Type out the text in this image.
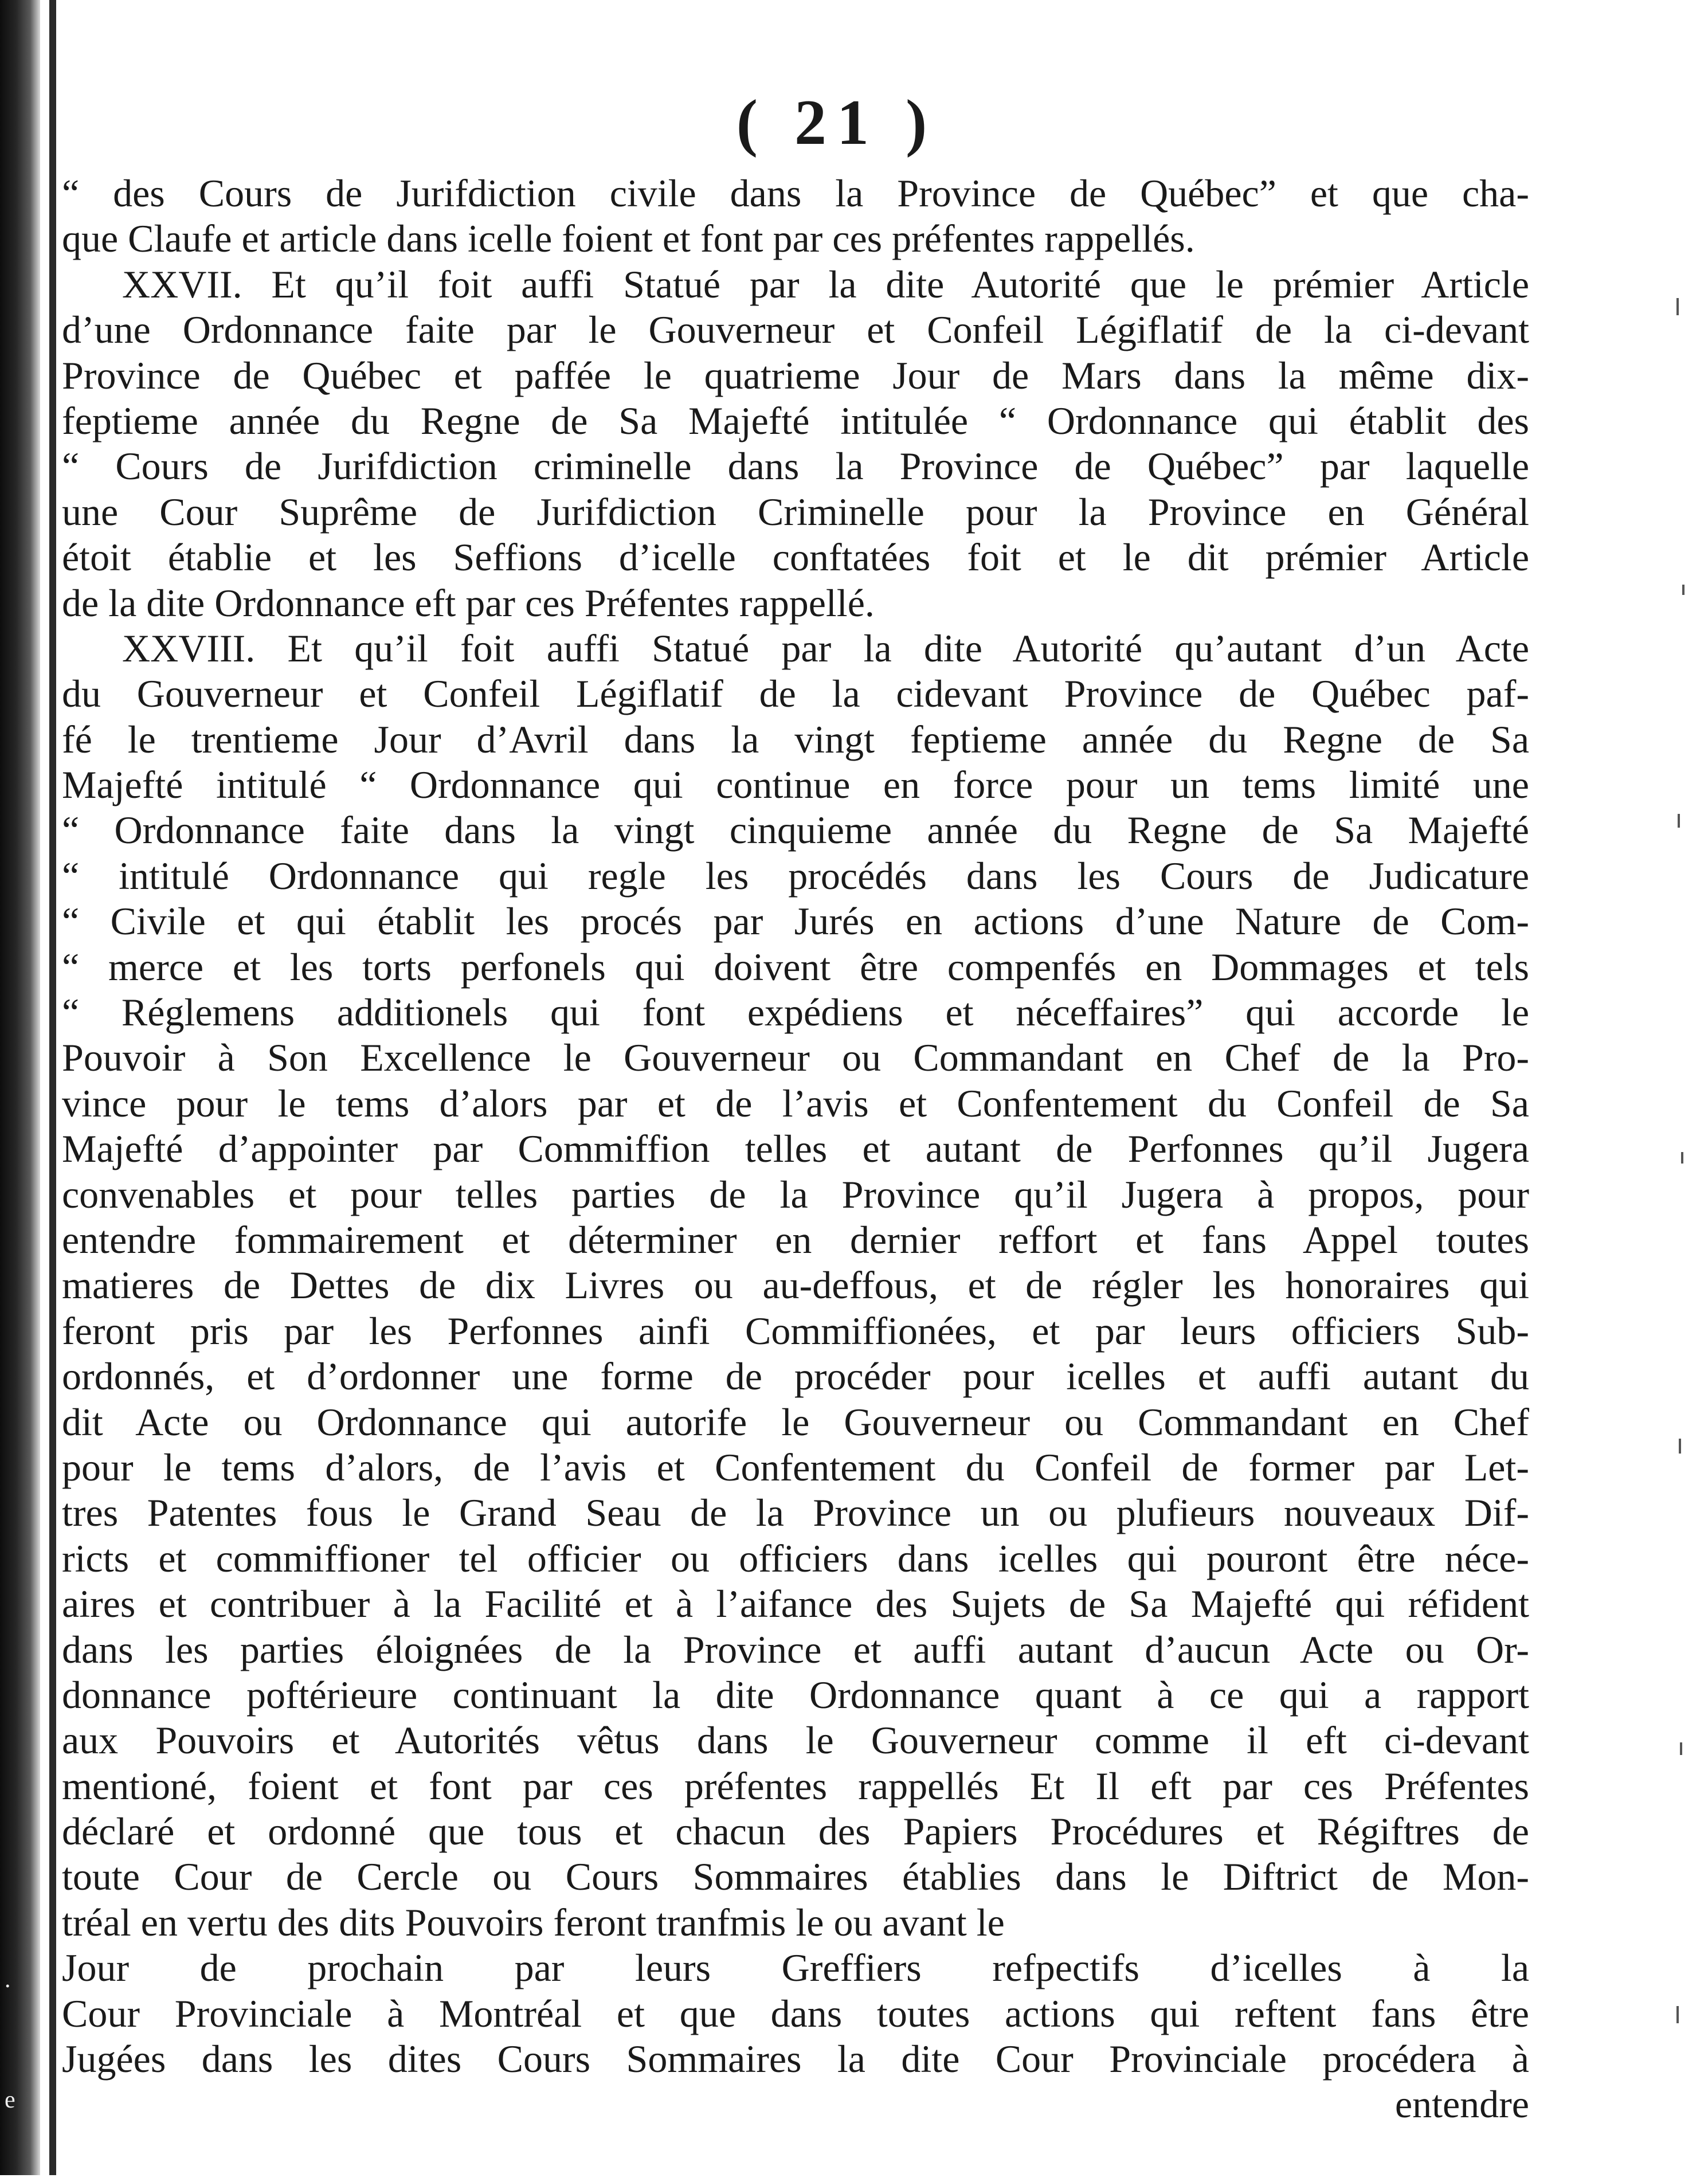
.
e
( 21 )
“ des Cours de Jurifdiction civile dans la Province de Québec” et que cha-
que Claufe et article dans icelle foient et font par ces préfentes rappellés.
XXVII. Et qu’il foit auffi Statué par la dite Autorité que le prémier Article
d’une Ordonnance faite par le Gouverneur et Confeil Légiflatif de la ci-devant
Province de Québec et paffée le quatrieme Jour de Mars dans la même dix-
feptieme année du Regne de Sa Majefté intitulée “ Ordonnance qui établit des
“ Cours de Jurifdiction criminelle dans la Province de Québec” par laquelle
une Cour Suprême de Jurifdiction Criminelle pour la Province en Général
étoit établie et les Seffions d’icelle conftatées foit et le dit prémier Article
de la dite Ordonnance eft par ces Préfentes rappellé.
XXVIII. Et qu’il foit auffi Statué par la dite Autorité qu’autant d’un Acte
du Gouverneur et Confeil Légiflatif de la cidevant Province de Québec paf-
fé le trentieme Jour d’Avril dans la vingt feptieme année du Regne de Sa
Majefté intitulé “ Ordonnance qui continue en force pour un tems limité une
“ Ordonnance faite dans la vingt cinquieme année du Regne de Sa Majefté
“ intitulé Ordonnance qui regle les procédés dans les Cours de Judicature
“ Civile et qui établit les procés par Jurés en actions d’une Nature de Com-
“ merce et les torts perfonels qui doivent être compenfés en Dommages et tels
“ Réglemens additionels qui font expédiens et néceffaires” qui accorde le
Pouvoir à Son Excellence le Gouverneur ou Commandant en Chef de la Pro-
vince pour le tems d’alors par et de l’avis et Confentement du Confeil de Sa
Majefté d’appointer par Commiffion telles et autant de Perfonnes qu’il Jugera
convenables et pour telles parties de la Province qu’il Jugera à propos, pour
entendre fommairement et déterminer en dernier reffort et fans Appel toutes
matieres de Dettes de dix Livres ou au-deffous, et de régler les honoraires qui
feront pris par les Perfonnes ainfi Commiffionées, et par leurs officiers Sub-
ordonnés, et d’ordonner une forme de procéder pour icelles et auffi autant du
dit Acte ou Ordonnance qui autorife le Gouverneur ou Commandant en Chef
pour le tems d’alors, de l’avis et Confentement du Confeil de former par Let-
tres Patentes fous le Grand Seau de la Province un ou plufieurs nouveaux Dif-
ricts et commiffioner tel officier ou officiers dans icelles qui pouront être néce-
aires et contribuer à la Facilité et à l’aifance des Sujets de Sa Majefté qui réfident
dans les parties éloignées de la Province et auffi autant d’aucun Acte ou Or-
donnance poftérieure continuant la dite Ordonnance quant à ce qui a rapport
aux Pouvoirs et Autorités vêtus dans le Gouverneur comme il eft ci-devant
mentioné, foient et font par ces préfentes rappellés Et Il eft par ces Préfentes
déclaré et ordonné que tous et chacun des Papiers Procédures et Régiftres de
toute Cour de Cercle ou Cours Sommaires établies dans le Diftrict de Mon-
tréal en vertu des dits Pouvoirs feront tranfmis le ou avant le
Jour de prochain par leurs Greffiers refpectifs d’icelles à la
Cour Provinciale à Montréal et que dans toutes actions qui reftent fans être
Jugées dans les dites Cours Sommaires la dite Cour Provinciale procédera à
entendre
